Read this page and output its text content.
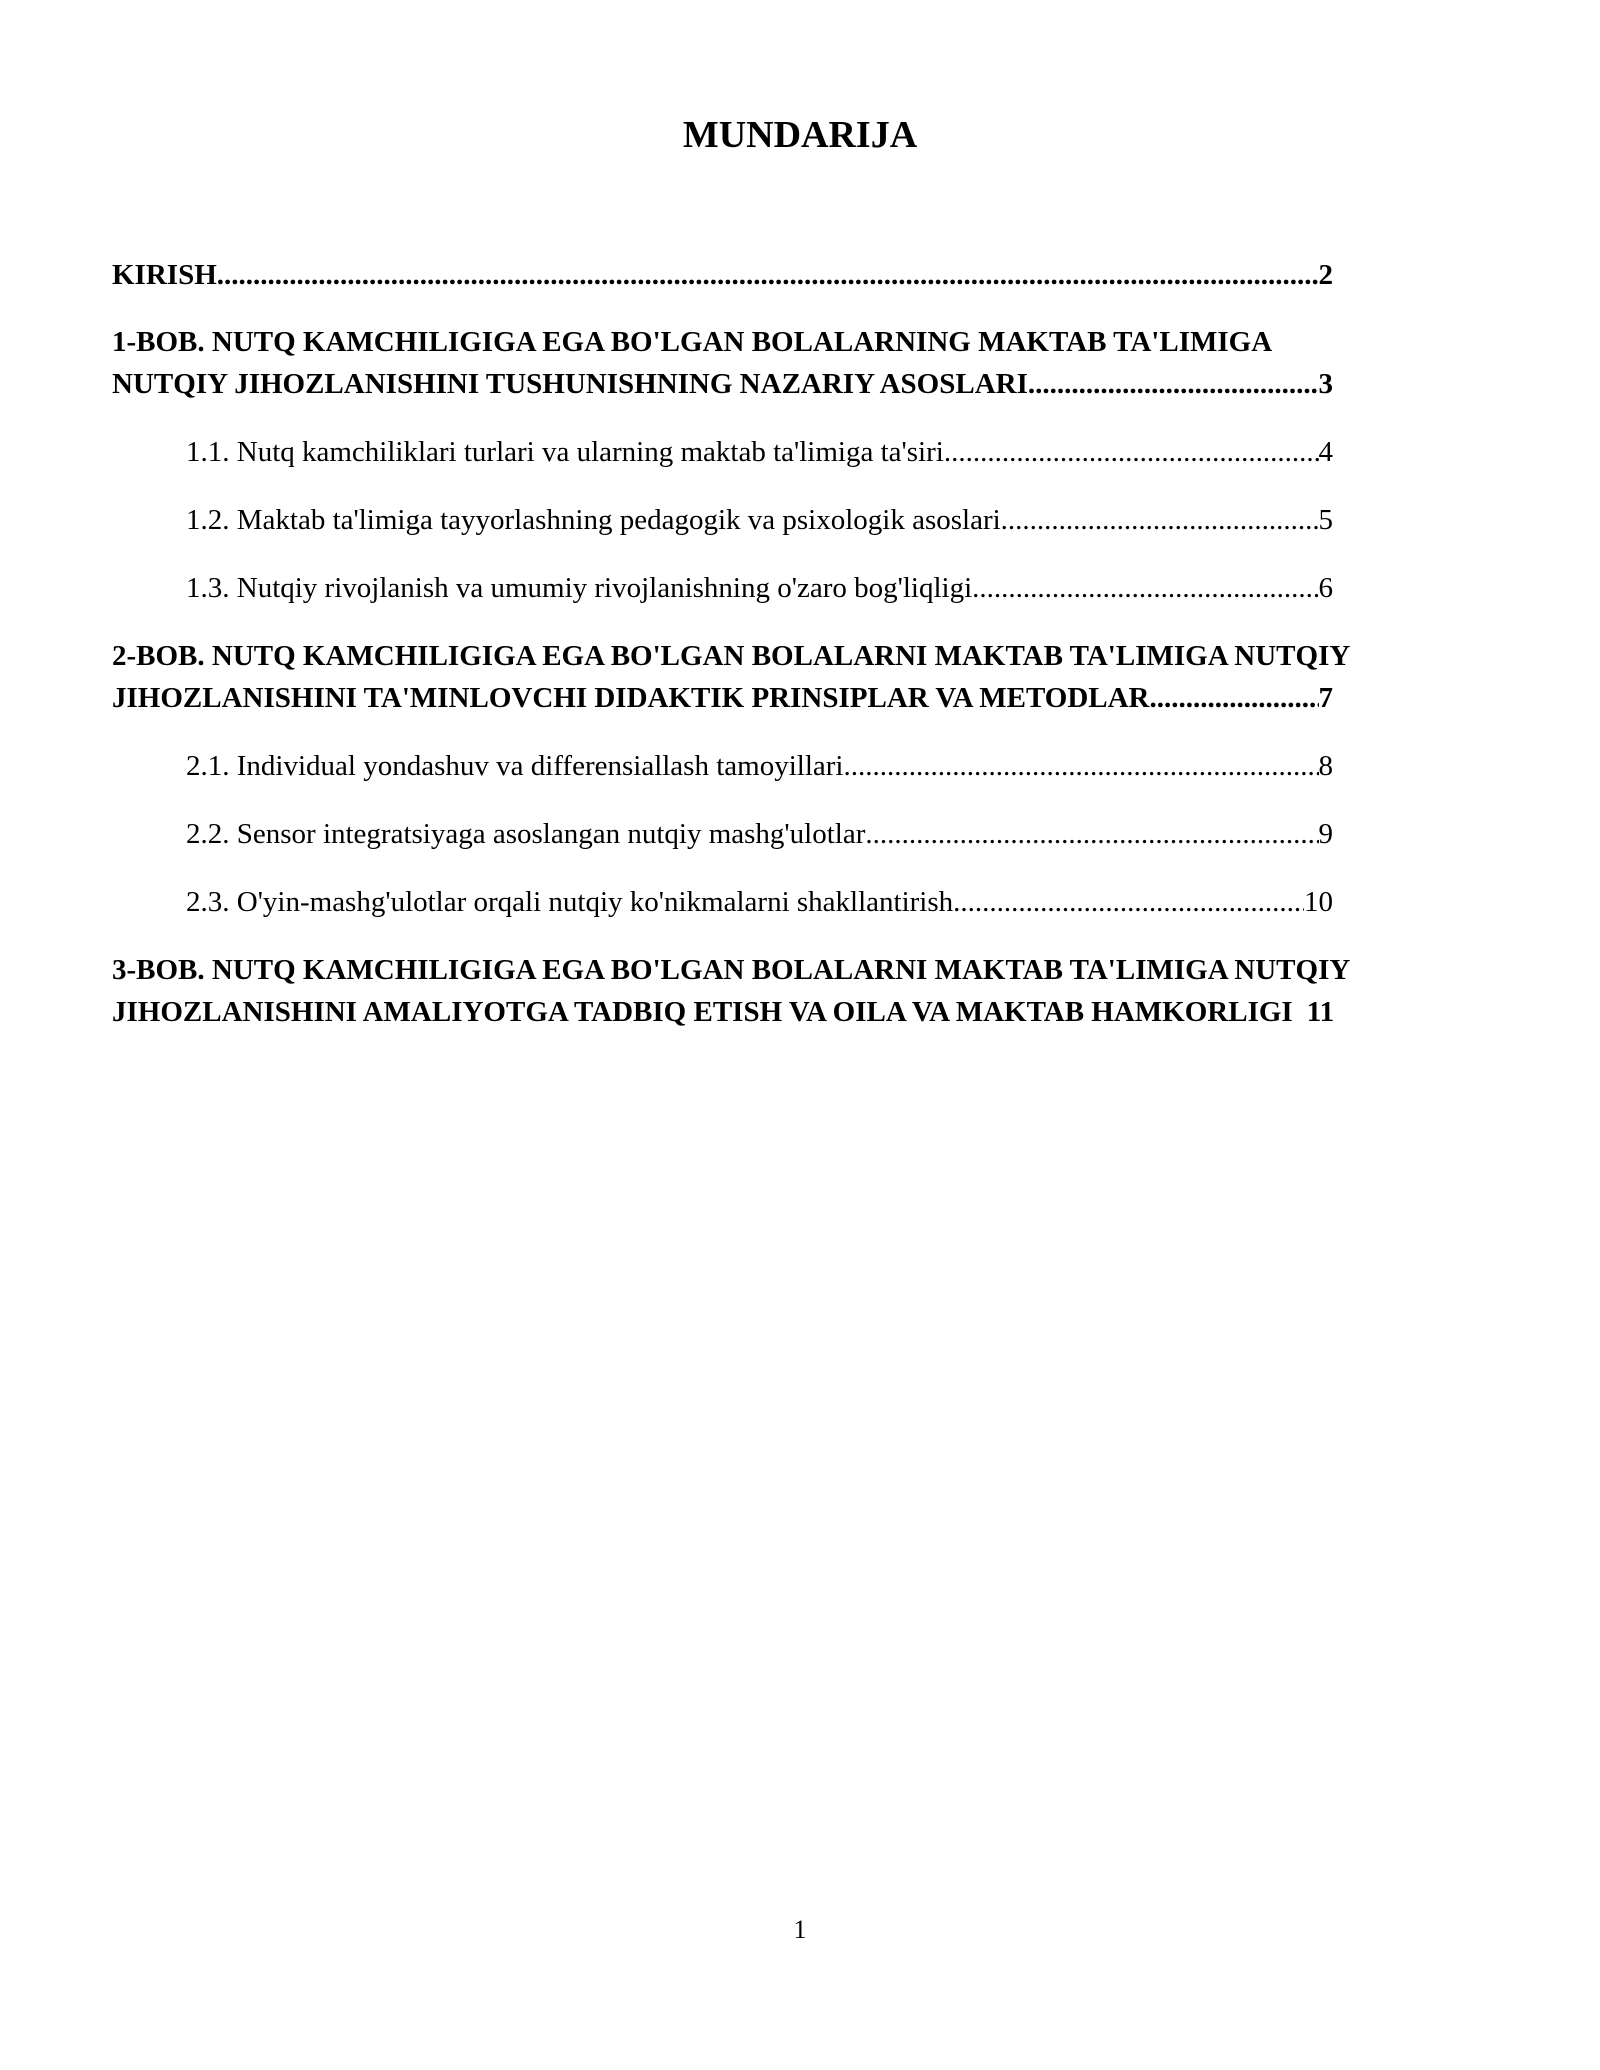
MUNDARIJA
KIRISH .....	2
1-BOB. NUTQ KAMCHILIGIGA EGA BO'LGAN BOLALARNING MAKTAB TA'LIMIGA
NUTQIY JIHOZLANISHINI TUSHUNISHNING NAZARIY ASOSLARI .....	3
1.1. Nutq kamchiliklari turlari va ularning maktab ta'limiga ta'siri .....	4
1.2. Maktab ta'limiga tayyorlashning pedagogik va psixologik asoslari .....	5
1.3. Nutqiy rivojlanish va umumiy rivojlanishning o'zaro bog'liqligi .....	6
2-BOB. NUTQ KAMCHILIGIGA EGA BO'LGAN BOLALARNI MAKTAB TA'LIMIGA NUTQIY
JIHOZLANISHINI TA'MINLOVCHI DIDAKTIK PRINSIPLAR VA METODLAR .....	7
2.1. Individual yondashuv va differensiallash tamoyillari .....	8
2.2. Sensor integratsiyaga asoslangan nutqiy mashg'ulotlar .....	9
2.3. O'yin-mashg'ulotlar orqali nutqiy ko'nikmalarni shakllantirish .....	10
3-BOB. NUTQ KAMCHILIGIGA EGA BO'LGAN BOLALARNI MAKTAB TA'LIMIGA NUTQIY
JIHOZLANISHINI AMALIYOTGA TADBIQ ETISH VA OILA VA MAKTAB HAMKORLIGI 11
1
